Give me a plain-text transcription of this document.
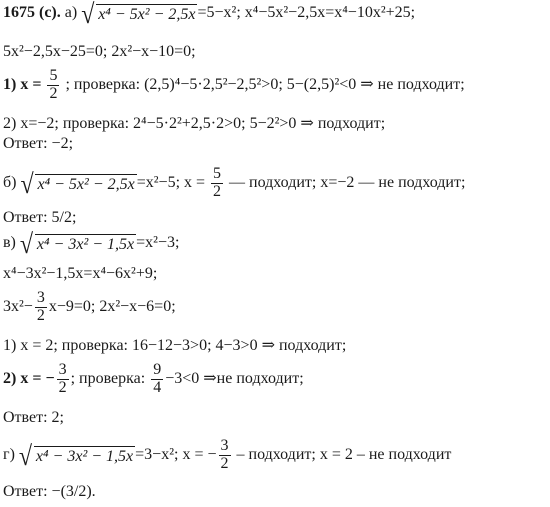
1675 (с). а) √ x⁴ − 5x² − 2,5x =5−x²; x⁴−5x²−2,5x=x⁴−10x²+25;
5x²−2,5x−25=0; 2x²−x−10=0;
1) $x = \frac{5}{2}$ ; проверка: (2,5)⁴−5·2,5²−2,5²>0; 5−(2,5)²<0 ⇒ не подходит;
2) x=−2; проверка: 2⁴−5·2²+2,5·2>0; 5−2²>0 ⇒ подходит;
Ответ: −2;
б) √ x⁴ − 5x² − 2,5x =x²−5; $x = \frac{5}{2}$ — подходит; x=−2 — не подходит;
Ответ: 5/2;
в) √ x⁴ − 3x² − 1,5x =x²−3;
x⁴−3x²−1,5x=x⁴−6x²+9;
$3x^2- \frac{3}{2} x-9=0$; 2x²−x−6=0;
1) x = 2; проверка: 16−12−3>0; 4−3>0 ⇒ подходит;
2) x = − $\frac{3}{2}$ ; проверка: $\frac{9}{4} -3<0$ ⇒не подходит;
Ответ: 2;
г) √ x⁴ − 3x² − 1,5x =3−x²; x = − $\frac{3}{2}$ – подходит; x = 2 – не подходит
Ответ: −(3/2).
